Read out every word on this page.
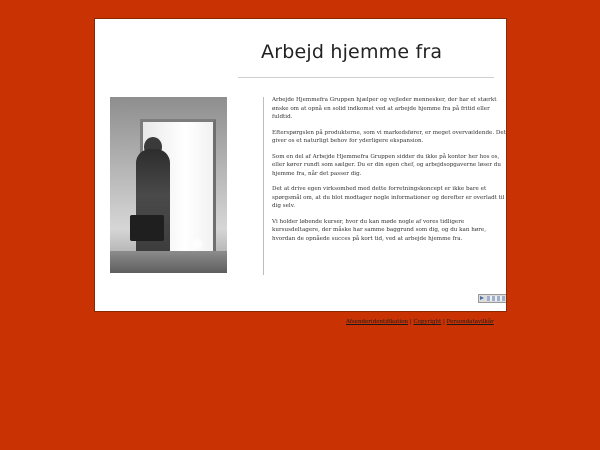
Arbejd hjemme fra

Arbejde Hjemmefra Gruppen hjælper og vejleder mennesker, der har et stærkt ønske om at opnå en solid indkomst ved at arbejde hjemme fra på fritid eller fuldtid.

Efterspørgslen på produkterne, som vi markedsfører, er meget overvældende. Det giver os et naturligt behov for yderligere ekspansion.

Som en del af Arbejde Hjemmefra Gruppen sidder du ikke på kontor her hos os, eller kører rundt som sælger. Du er din egen chef, og arbejdsopgaverne løser du hjemme fra, når det passer dig.

Det at drive egen virksomhed med dette forretningskoncept er ikke bare et spørgsmål om, at du blot modtager nogle informationer og derefter er overladt til dig selv.

Vi holder løbende kurser, hvor du kan møde nogle af vores tidligere kursusdeltagere, der måske har samme baggrund som dig, og du kan høre, hvordan de opnåede succes på kort tid, ved at arbejde hjemme fra.

Afsenderidentifikation | Copyright | Persondatavilkår
